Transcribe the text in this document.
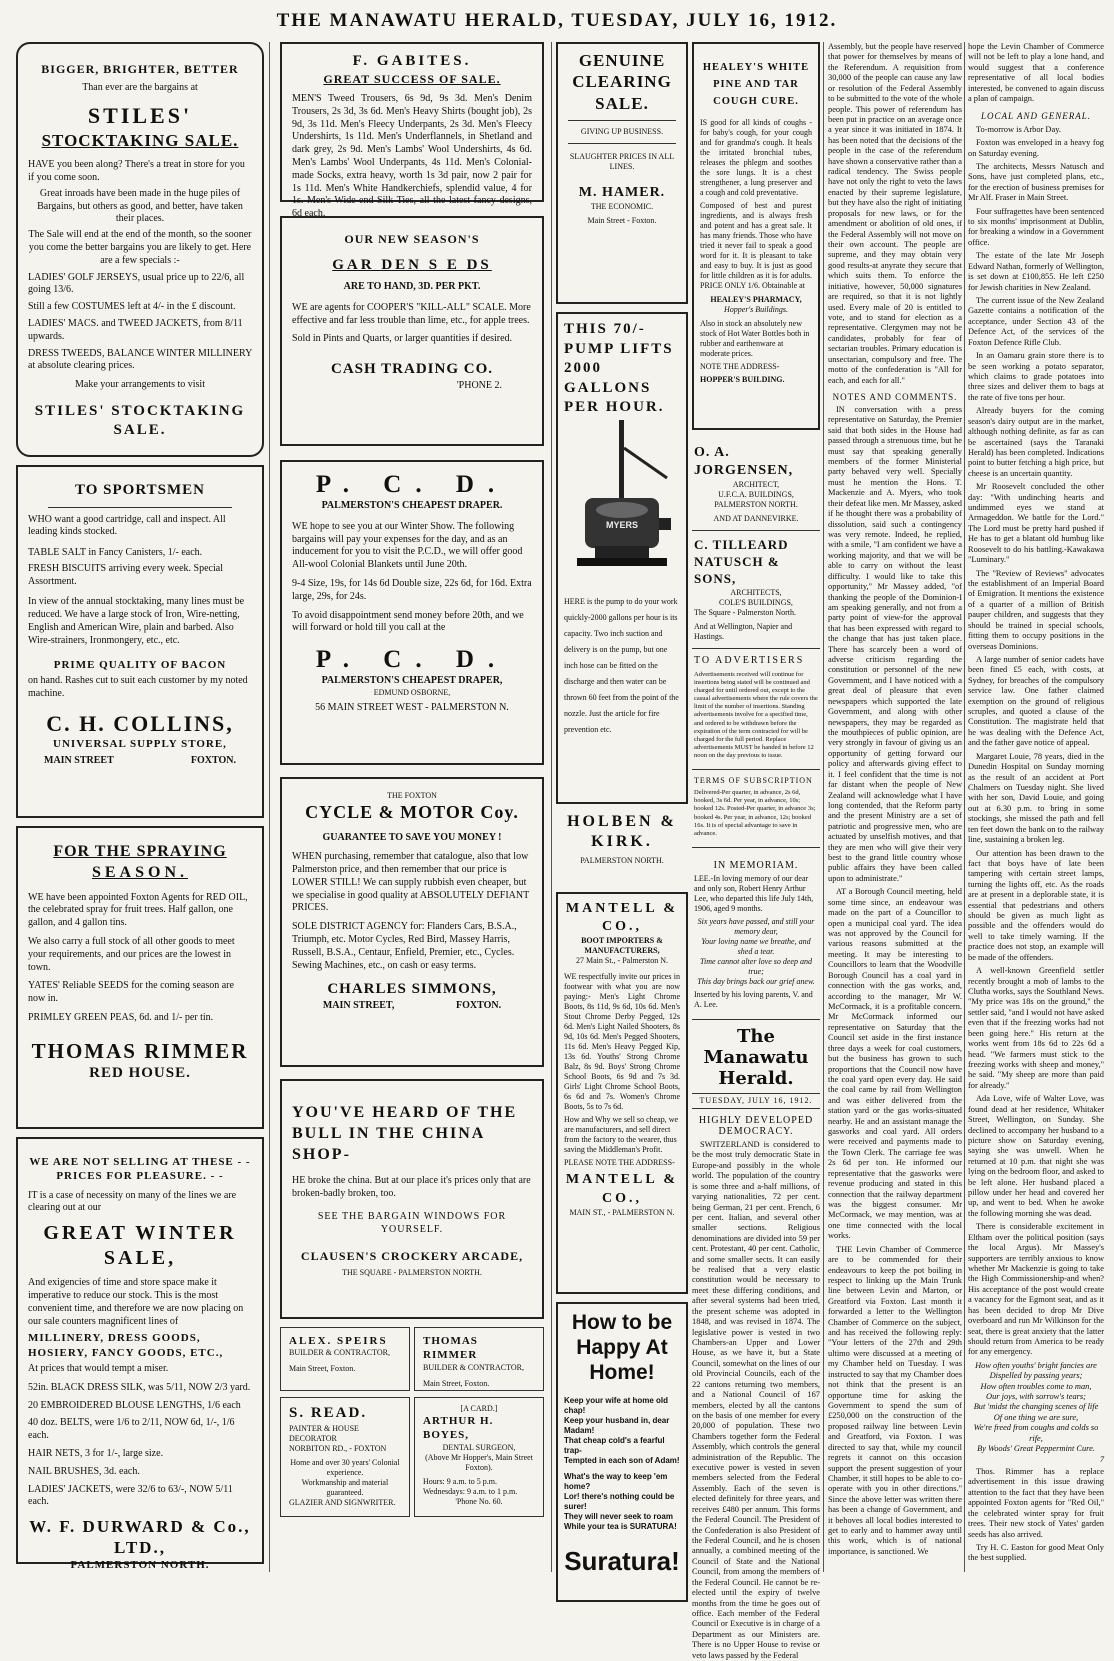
THE MANAWATU HERALD, TUESDAY, JULY 16, 1912.
BIGGER, BRIGHTER, BETTER
Than ever are the bargains at
STILES'
STOCKTAKING SALE.

HAVE you been along? There's a treat in store for you if you come soon.

Great inroads have been made in the huge piles of Bargains, but others as good, and better, have taken their places.

The Sale will end at the end of the month, so the sooner you come the better bargains you are likely to get. Here are a few specials :-

LADIES' GOLF JERSEYS, usual price up to 22/6, all going 13/6.
Still a few COSTUMES left at 4/- in the £ discount.
LADIES' MACS. and TWEED JACKETS, from 8/11 upwards.
DRESS TWEEDS, BALANCE WINTER MILLINERY at absolute clearing prices.

Make your arrangements to visit

STILES' STOCKTAKING SALE.
TO SPORTSMEN

WHO want a good cartridge, call and inspect. All leading kinds stocked.

TABLE SALT in Fancy Canisters, 1/- each.

FRESH BISCUITS arriving every week. Special Assortment.

In view of the annual stocktaking, many lines must be reduced. We have a large stock of Iron, Wire-netting, English and American Wire, plain and barbed. Also Wire-strainers, Ironmongery, etc., etc.

PRIME QUALITY OF BACON

on hand. Rashes cut to suit each customer by my noted machine.

C. H. COLLINS,
UNIVERSAL SUPPLY STORE,
MAIN STREET	FOXTON.
FOR THE SPRAYING
SEASON.

WE have been appointed Foxton Agents for RED OIL, the celebrated spray for fruit trees. Half gallon, one gallon, and 4 gallon tins.

We also carry a full stock of all other goods to meet your requirements, and our prices are the lowest in town.

YATES' Reliable SEEDS for the coming season are now in.

PRIMLEY GREEN PEAS, 6d. and 1/- per tin.

THOMAS RIMMER
RED HOUSE.
WE ARE NOT SELLING AT THESE - - PRICES FOR PLEASURE. - -

IT is a case of necessity on many of the lines we are clearing out at our

GREAT WINTER
SALE,

And exigencies of time and store space make it imperative to reduce our stock. This is the most convenient time, and therefore we are now placing on our sale counters magnificent lines of

MILLINERY, DRESS GOODS, HOSIERY, FANCY GOODS, ETC.,

At prices that would tempt a miser.

52in. BLACK DRESS SILK, was 5/11, NOW 2/3 yard.
20 EMBROIDERED BLOUSE LENGTHS, 1/6 each
40 doz. BELTS, were 1/6 to 2/11, NOW 6d, 1/-, 1/6 each.
HAIR NETS, 3 for 1/-, large size.
NAIL BRUSHES, 3d. each.
LADIES' JACKETS, were 32/6 to 63/-, NOW 5/11 each.
W. F. DURWARD & Co., LTD.,
PALMERSTON NORTH.
F. GABITES.
GREAT SUCCESS OF SALE.

MEN'S Tweed Trousers, 6s 9d, 9s 3d. Men's Denim Trousers, 2s 3d, 3s 6d. Men's Heavy Shirts (bought job), 2s 9d, 3s 11d. Men's Fleecy Underpants, 2s 3d. Men's Fleecy Undershirts, 1s 11d. Men's Underflannels, in Shetland and dark grey, 2s 9d. Men's Lambs' Wool Undershirts, 4s 6d. Men's Lambs' Wool Underpants, 4s 11d. Men's Colonial-made Socks, extra heavy, worth 1s 3d pair, now 2 pair for 1s 11d. Men's White Handkerchiefs, splendid value, 4 for 1s. Men's Wide-end Silk Ties, all the latest fancy designs, 6d each.

OUR NEW SEASON'S
GAR DEN S E DS
ARE TO HAND, 3D. PER PKT.

WE are agents for COOPER'S "KILL-ALL" SCALE. More effective and far less trouble than lime, etc., for apple trees.

Sold in Pints and Quarts, or larger quantities if desired.

CASH TRADING CO.
'PHONE 2.
P. C. D.
PALMERSTON'S CHEAPEST DRAPER.

WE hope to see you at our Winter Show. The following bargains will pay your expenses for the day, and as an inducement for you to visit the P.C.D., we will offer good All-wool Colonial Blankets until June 20th.

9-4 Size, 19s, for 14s 6d Double size, 22s 6d, for 16d. Extra large, 29s, for 24s.

To avoid disappointment send money before 20th, and we will forward or hold till you call at the

P. C. D.
PALMERSTON'S CHEAPEST DRAPER,
EDMUND OSBORNE,
56 MAIN STREET WEST - PALMERSTON N.
THE FOXTON
CYCLE & MOTOR Coy.
GUARANTEE TO SAVE YOU MONEY !

WHEN purchasing, remember that catalogue, also that low Palmerston price, and then remember that our price is LOWER STILL! We can supply rubbish even cheaper, but we specialise in good quality at ABSOLUTELY DEFIANT PRICES.

SOLE DISTRICT AGENCY for: Flanders Cars, B.S.A., Triumph, etc. Motor Cycles, Red Bird, Massey Harris, Russell, B.S.A., Centaur, Enfield, Premier, etc., Cycles. Sewing Machines, etc., on cash or easy terms.

CHARLES SIMMONS,
MAIN STREET,	FOXTON.
YOU'VE HEARD OF THE BULL IN THE CHINA SHOP-

HE broke the china. But at our place it's prices only that are broken-badly broken, too.

SEE THE BARGAIN WINDOWS FOR YOURSELF.
CLAUSEN'S CROCKERY ARCADE,
THE SQUARE - PALMERSTON NORTH.
ALEX. SPEIRS
BUILDER & CONTRACTOR,
Main Street, Foxton.
THOMAS RIMMER
BUILDER & CONTRACTOR,
Main Street, Foxton.
S. READ.
PAINTER & HOUSE DECORATOR
NORBITON RD., - FOXTON
Home and over 30 years' Colonial experience.
Workmanship and material guaranteed.
GLAZIER AND SIGNWRITER.
[A CARD.]
ARTHUR H. BOYES,
DENTAL SURGEON,
(Above Mr Hopper's, Main Street Foxton).
Hours: 9 a.m. to 5 p.m. Wednesdays: 9 a.m. to 1 p.m.
'Phone No. 60.
GENUINE CLEARING SALE.
GIVING UP BUSINESS.
SLAUGHTER PRICES IN ALL LINES.
M. HAMER.
THE ECONOMIC.
Main Street - Foxton.
THIS 70/- PUMP LIFTS 2000 GALLONS PER HOUR.
MYERS

HERE is the pump to do your work quickly-2000 gallons per hour is its capacity. Two inch suction and delivery is on the pump, but one inch hose can be fitted on the discharge and then water can be thrown 60 feet from the point of the nozzle. Just the article for fire prevention etc.

HOLBEN & KIRK.
PALMERSTON NORTH.
MANTELL & CO.,
BOOT IMPORTERS & MANUFACTURERS,
27 Main St., - Palmerston N.

WE respectfully invite our prices in footwear with what you are now paying:- Men's Light Chrome Boots, 8s 11d, 9s 6d, 10s 6d. Men's Stout Chrome Derby Pegged, 12s 6d. Men's Light Nailed Shooters, 8s 9d, 10s 6d. Men's Pegged Shooters, 11s 6d. Men's Heavy Pegged Kip, 13s 6d. Youths' Strong Chrome Balz, 8s 9d. Boys' Strong Chrome School Boots, 6s 9d and 7s 3d. Girls' Light Chrome School Boots, 6s 6d and 7s. Women's Chrome Boots, 5s to 7s 6d.

How and Why we sell so cheap, we are manufacturers, and sell direct from the factory to the wearer, thus saving the Middleman's Profit.

PLEASE NOTE THE ADDRESS-

MANTELL & CO.,
MAIN ST., - PALMERSTON N.
How to be Happy At Home!
Keep your wife at home old chap!
Keep your husband in, dear Madam!
That cheap cold's a fearful trap-
Tempted in each son of Adam!
What's the way to keep 'em home?
Lor! there's nothing could be surer!
They will never seek to roam
While your tea is SURATURA!
Suratura!
HEALEY'S WHITE PINE AND TAR COUGH CURE.

IS good for all kinds of coughs - for baby's cough, for your cough and for grandma's cough. It heals the irritated bronchial tubes, releases the phlegm and soothes the sore lungs. It is a chest strengthener, a lung preserver and a cough and cold preventative.

Composed of best and purest ingredients, and is always fresh and potent and has a great sale. It has many friends. Those who have tried it never fail to speak a good word for it. It is pleasant to take and easy to buy. It is just as good for little children as it is for adults. PRICE ONLY 1/6. Obtainable at

HEALEY'S PHARMACY,
Hopper's Buildings.

Also in stock an absolutely new stock of Hot Water Bottles both in rubber and earthenware at moderate prices.

NOTE THE ADDRESS-

HOPPER'S BUILDING.

O. A. JORGENSEN,
ARCHITECT,
U.F.C.A. BUILDINGS, PALMERSTON NORTH.
AND AT DANNEVIRKE.
C. TILLEARD NATUSCH & SONS,
ARCHITECTS,
COLE'S BUILDINGS,
The Square - Palmerston North.
And at Wellington, Napier and Hastings.
TO ADVERTISERS

Advertisements received will continue for insertions being stated will be continued and charged for until ordered out, except to the casual advertisements where the rule covers the limit of the number of insertions. Standing advertisements involve for a specified time, and ordered to be withdrawn before the expiration of the term contracted for will be charged for the full period. Replace advertisements MUST be handed in before 12 noon on the day previous to issue.

TERMS OF SUBSCRIPTION

Delivered-Per quarter, in advance, 2s 6d, booked, 3s 6d. Per year, in advance, 10s; booked 12s. Posted-Per quarter, in advance 3s; booked 4s. Per year, in advance, 12s; booked 16s. It is of special advantage to save in advance.

IN MEMORIAM.

LEE.-In loving memory of our dear and only son, Robert Henry Arthur Lee, who departed this life July 14th, 1906, aged 9 months.

Six years have passed, and still your memory dear,
Your loving name we breathe, and shed a tear.
Time cannot alter love so deep and true;
This day brings back our grief anew.

Inserted by his loving parents, V. and A. Lee.

The Manawatu Herald.
TUESDAY, JULY 16, 1912.
HIGHLY DEVELOPED DEMOCRACY.

SWITZERLAND is considered to be the most truly democratic State in Europe-and possibly in the whole world. The population of the country is some three and a-half millions, of varying nationalities, 72 per cent. being German, 21 per cent. French, 6 per cent. Italian, and several other smaller sections. Religious denominations are divided into 59 per cent. Protestant, 40 per cent. Catholic, and some smaller sects. It can easily be realised that a very elastic constitution would be necessary to meet these differing conditions, and after several systems had been tried, the present scheme was adopted in 1848, and was revised in 1874. The legislative power is vested in two Chambers-an Upper and Lower House, as we have it, but a State Council, somewhat on the lines of our old Provincial Councils, each of the 22 cantons returning two members, and a National Council of 167 members, elected by all the cantons on the basis of one member for every 20,000 of population. These two Chambers together form the Federal Assembly, which controls the general administration of the Republic. The executive power is vested in seven members selected from the Federal Assembly. Each of the seven is elected definitely for three years, and receives £480 per annum. This forms the Federal Council. The President of the Confederation is also President of the Federal Council, and he is chosen annually, a combined meeting of the Council of State and the National Council, from among the members of the Federal Council. He cannot be re-elected until the expiry of twelve months from the time he goes out of office. Each member of the Federal Council or Executive is in charge of a Department as our Ministers are. There is no Upper House to revise or veto laws passed by the Federal

Assembly, but the people have reserved that power for themselves by means of the Referendum. A requisition from 30,000 of the people can cause any law or resolution of the Federal Assembly to be submitted to the vote of the whole people. This power of referendum has been put in practice on an average once a year since it was initiated in 1874. It has been noted that the decisions of the people in the case of the referendum have shown a conservative rather than a radical tendency. The Swiss people have not only the right to veto the laws enacted by their supreme legislature, but they have also the right of initiating proposals for new laws, or for the amendment or abolition of old ones, if the Federal Assembly will not move on their own account. The people are supreme, and they may obtain very good results-at anyrate they secure that which suits them. To enforce the initiative, however, 50,000 signatures are required, so that it is not lightly used. Every male of 20 is entitled to vote, and to stand for election as a representative. Clergymen may not be candidates, probably for fear of sectarian troubles. Primary education is unsectarian, compulsory and free. The motto of the confederation is "All for each, and each for all."

NOTES AND COMMENTS.

IN conversation with a press representative on Saturday, the Premier said that both sides in the House had passed through a strenuous time, but he must say that speaking generally members of the former Ministerial party behaved very well. Specially must he mention the Hons. T. Mackenzie and A. Myers, who took their defeat like men. Mr Massey, asked if he thought there was a probability of dissolution, said such a contingency was very remote. Indeed, he replied, with a smile, "I am confident we have a working majority, and that we will be able to carry on without the least difficulty. I would like to take this opportunity," Mr Massey added, "of thanking the people of the Dominion-I am speaking generally, and not from a party point of view-for the approval that has been expressed with regard to the change that has just taken place. There has scarcely been a word of adverse criticism regarding the constitution or personnel of the new Government, and I have noticed with a great deal of pleasure that even newspapers which supported the late Government, and along with other newspapers, they may be regarded as the mouthpieces of public opinion, are very strongly in favour of giving us an opportunity of getting forward our policy and afterwards giving effect to it. I feel confident that the time is not far distant when the people of New Zealand will acknowledge what I have long contended, that the Reform party and the present Ministry are a set of patriotic and progressive men, who are actuated by unselfish motives, and that they are men who will give their very best to the grand little country whose public affairs they have been called upon to administrate."

AT a Borough Council meeting, held some time since, an endeavour was made on the part of a Councillor to open a municipal coal yard. The idea was not approved by the Council for various reasons submitted at the meeting. It may be interesting to Councillors to learn that the Woodville Borough Council has a coal yard in connection with the gas works, and, according to the manager, Mr W. McCormack, it is a profitable concern. Mr McCormack informed our representative on Saturday that the Council set aside in the first instance three days a week for coal customers, but the business has grown to such proportions that the Council now have the coal yard open every day. He said the coal came by rail from Wellington and was either delivered from the station yard or the gas works-situated nearby. He and an assistant manage the gasworks and coal yard. All orders were received and payments made to the Town Clerk. The carriage fee was 2s 6d per ton. He informed our representative that the gasworks were revenue producing and stated in this connection that the railway department was the biggest consumer. Mr McCormack, we may mention, was at one time connected with the local works.

THE Levin Chamber of Commerce are to be commended for their endeavours to keep the pot boiling in respect to linking up the Main Trunk line between Levin and Marton, or Greatford via Foxton. Last month it forwarded a letter to the Wellington Chamber of Commerce on the subject, and has received the following reply: "Your letters of the 27th and 29th ultimo were discussed at a meeting of my Chamber held on Tuesday. I was instructed to say that my Chamber does not think that the present is an opportune time for asking the Government to spend the sum of £250,000 on the construction of the proposed railway line between Levin and Greatford, via Foxton. I was directed to say that, while my council regrets it cannot on this occasion support the present suggestion of your Chamber, it still hopes to be able to co-operate with you in other directions." Since the above letter was written there has been a change of Government, and it behoves all local bodies interested to get to early and to hammer away until this work, which is of national importance, is sanctioned. We

hope the Levin Chamber of Commerce will not be left to play a lone hand, and would suggest that a conference representative of all local bodies interested, be convened to again discuss a plan of campaign.

LOCAL AND GENERAL.

To-morrow is Arbor Day.

Foxton was enveloped in a heavy fog on Saturday evening.

The architects, Messrs Natusch and Sons, have just completed plans, etc., for the erection of business premises for Mr Alf. Fraser in Main Street.

Four suffragettes have been sentenced to six months' imprisonment at Dublin, for breaking a window in a Government office.

The estate of the late Mr Joseph Edward Nathan, formerly of Wellington, is set down at £100,855. He left £250 for Jewish charities in New Zealand.

The current issue of the New Zealand Gazette contains a notification of the acceptance, under Section 43 of the Defence Act, of the services of the Foxton Defence Rifle Club.

In an Oamaru grain store there is to be seen working a potato separator, which claims to grade potatoes into three sizes and deliver them to bags at the rate of five tons per hour.

Already buyers for the coming season's dairy output are in the market, although nothing definite, as far as can be ascertained (says the Taranaki Herald) has been completed. Indications point to butter fetching a high price, but cheese is an uncertain quantity.

Mr Roosevelt concluded the other day: "With undinching hearts and undimmed eyes we stand at Armageddon. We battle for the Lord." The Lord must be pretty hard pushed if He has to get a blatant old humbug like Roosevelt to do his battling.-Kawakawa "Luminary."

The "Review of Reviews" advocates the establishment of an Imperial Board of Emigration. It mentions the existence of a quarter of a million of British pauper children, and suggests that they should be trained in special schools, fitting them to occupy positions in the overseas Dominions.

A large number of senior cadets have been fined £5 each, with costs, at Sydney, for breaches of the compulsory service law. One father claimed exemption on the ground of religious scruples, and quoted a clause of the Constitution. The magistrate held that he was dealing with the Defence Act, and the father gave notice of appeal.

Margaret Louie, 78 years, died in the Dunedin Hospital on Sunday morning as the result of an accident at Port Chalmers on Tuesday night. She lived with her son, David Louie, and going out at 6.30 p.m. to bring in some stockings, she missed the path and fell ten feet down the bank on to the railway line, sustaining a broken leg.

Our attention has been drawn to the fact that boys have of late been tampering with certain street lamps, turning the lights off, etc. As the roads are at present in a deplorable state, it is essential that pedestrians and others should be given as much light as possible and the offenders would do well to take timely warning. If the practice does not stop, an example will be made of the offenders.

A well-known Greenfield settler recently brought a mob of lambs to the Clutha works, says the Southland News. "My price was 18s on the ground," the settler said, "and I would not have asked even that if the freezing works had not been going here." His return at the works went from 18s 6d to 22s 6d a head. "We farmers must stick to the freezing works with sheep and money," he said. "My sheep are more than paid for already."

Ada Love, wife of Walter Love, was found dead at her residence, Whitaker Street, Wellington, on Sunday. She declined to accompany her husband to a picture show on Saturday evening, saying she was unwell. When he returned at 10 p.m. that night she was lying on the bedroom floor, and asked to be left alone. Her husband placed a pillow under her head and covered her up, and went to bed. When he awoke the following morning she was dead.

There is considerable excitement in Eltham over the political position (says the local Argus). Mr Massey's supporters are terribly anxious to know whether Mr Mackenzie is going to take the High Commissionership-and when? His acceptance of the post would create a vacancy for the Egmont seat, and as it has been decided to drop Mr Dive overboard and run Mr Wilkinson for the seat, there is great anxiety that the latter should return from America to be ready for any emergency.

How often youths' bright fancies are
Dispelled by passing years;
How often troubles come to man,
Our joys, with sorrow's tears;
But 'midst the changing scenes of life
Of one thing we are sure,
We're freed from coughs and colds so rife,
By Woods' Great Peppermint Cure.
7

Thos. Rimmer has a replace advertisement in this issue drawing attention to the fact that they have been appointed Foxton agents for "Red Oil," the celebrated winter spray for fruit trees. Their new stock of Yates' garden seeds has also arrived.

Try H. C. Easton for good Meat Only the best supplied.
